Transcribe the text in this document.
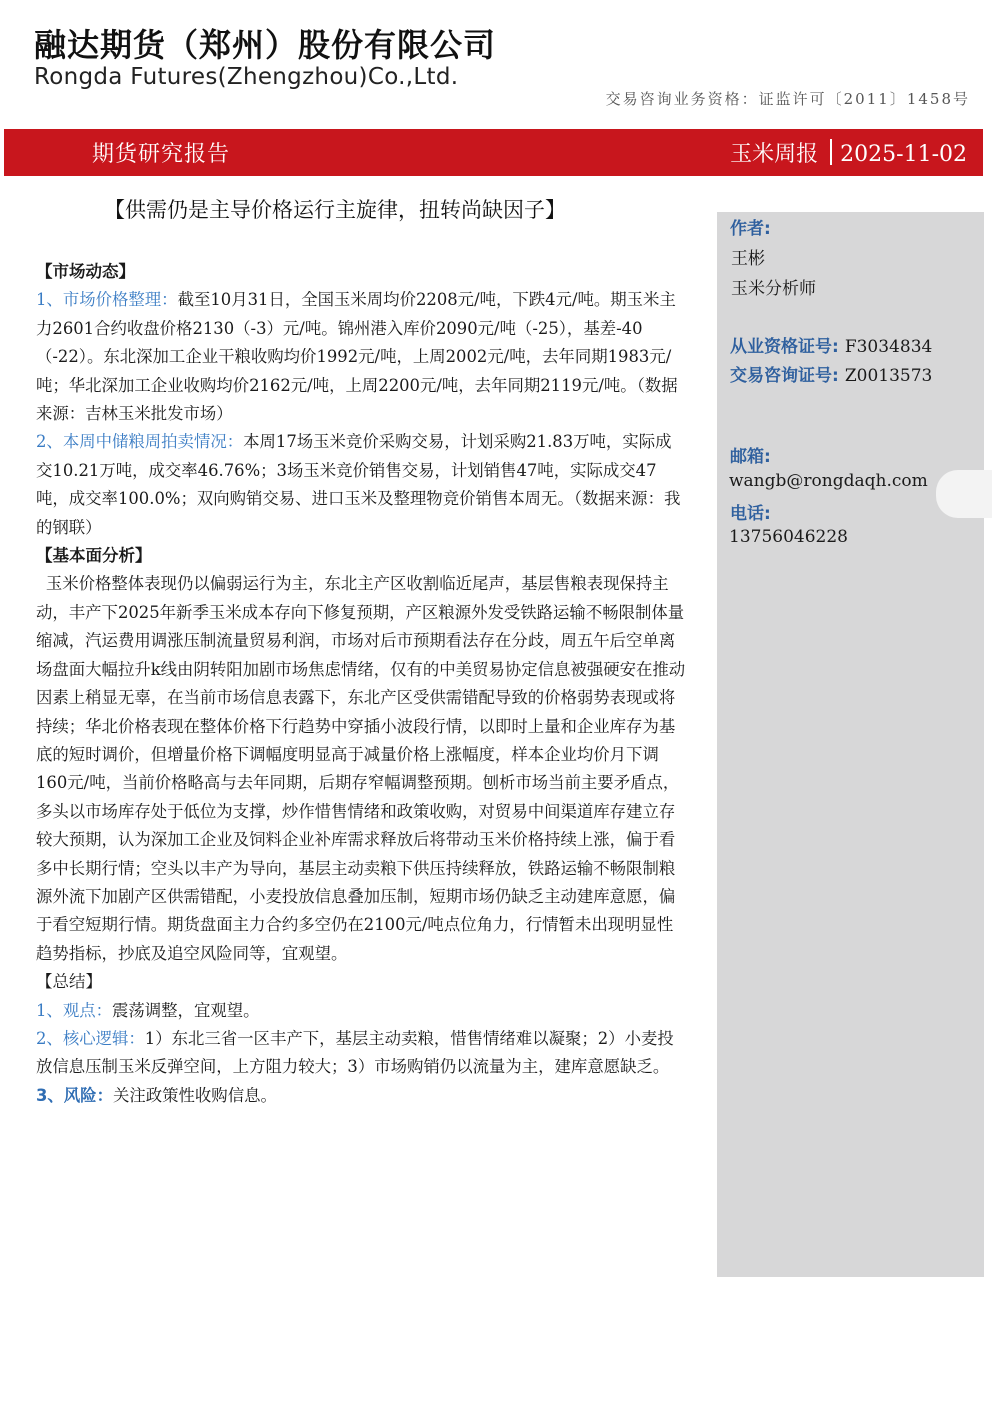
融达期货（郑州）股份有限公司
Rongda Futures(Zhengzhou)Co.,Ltd.
交易咨询业务资格：证监许可〔2011〕1458号
期货研究报告	玉米周报 2025-11-02
【供需仍是主导价格运行主旋律，扭转尚缺因子】

【市场动态】

1、市场价格整理：截至10月31日，全国玉米周均价2208元/吨，下跌4元/吨。期玉米主力2601合约收盘价格2130（-3）元/吨。锦州港入库价2090元/吨（-25），基差-40（-22）。东北深加工企业干粮收购均价1992元/吨，上周2002元/吨，去年同期1983元/吨；华北深加工企业收购均价2162元/吨，上周2200元/吨，去年同期2119元/吨。（数据来源：吉林玉米批发市场）

2、本周中储粮周拍卖情况：本周17场玉米竞价采购交易，计划采购21.83万吨，实际成交10.21万吨，成交率46.76%；3场玉米竞价销售交易，计划销售47吨，实际成交47吨，成交率100.0%；双向购销交易、进口玉米及整理物竞价销售本周无。（数据来源：我的钢联）

【基本面分析】

玉米价格整体表现仍以偏弱运行为主，东北主产区收割临近尾声，基层售粮表现保持主动，丰产下2025年新季玉米成本存向下修复预期，产区粮源外发受铁路运输不畅限制体量缩减，汽运费用调涨压制流量贸易利润，市场对后市预期看法存在分歧，周五午后空单离场盘面大幅拉升k线由阴转阳加剧市场焦虑情绪，仅有的中美贸易协定信息被强硬安在推动因素上稍显无辜，在当前市场信息表露下，东北产区受供需错配导致的价格弱势表现或将持续；华北价格表现在整体价格下行趋势中穿插小波段行情，以即时上量和企业库存为基底的短时调价，但增量价格下调幅度明显高于减量价格上涨幅度，样本企业均价月下调160元/吨，当前价格略高与去年同期，后期存窄幅调整预期。刨析市场当前主要矛盾点，多头以市场库存处于低位为支撑，炒作惜售情绪和政策收购，对贸易中间渠道库存建立存较大预期，认为深加工企业及饲料企业补库需求释放后将带动玉米价格持续上涨，偏于看多中长期行情；空头以丰产为导向，基层主动卖粮下供压持续释放，铁路运输不畅限制粮源外流下加剧产区供需错配，小麦投放信息叠加压制，短期市场仍缺乏主动建库意愿，偏于看空短期行情。期货盘面主力合约多空仍在2100元/吨点位角力，行情暂未出现明显性趋势指标，抄底及追空风险同等，宜观望。

【总结】

1、观点：震荡调整，宜观望。

2、核心逻辑：1）东北三省一区丰产下，基层主动卖粮，惜售情绪难以凝聚；2）小麦投放信息压制玉米反弹空间，上方阻力较大；3）市场购销仍以流量为主，建库意愿缺乏。

3、风险：关注政策性收购信息。

作者:
王彬
玉米分析师
从业资格证号: F3034834
交易咨询证号: Z0013573
邮箱:
wangb@rongdaqh.com
电话:
13756046228
